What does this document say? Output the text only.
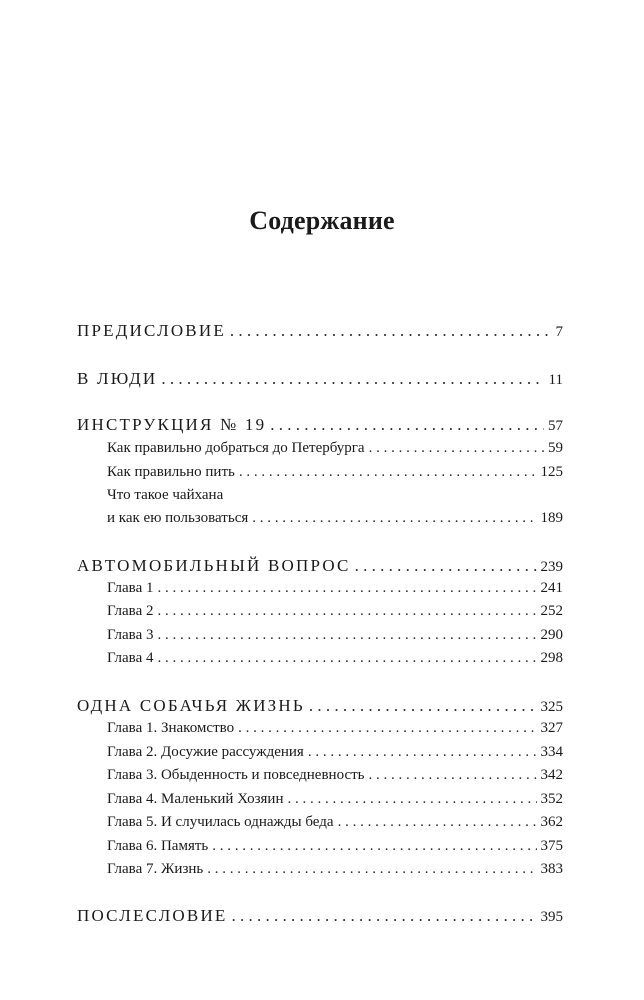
Содержание
ПРЕДИСЛОВИЕ . . .	7
В ЛЮДИ . . .	11
ИНСТРУКЦИЯ № 19 . . .	57
Как правильно добраться до Петербурга . . .	59
Как правильно пить . . .	125
Что такое чайхана
и как ею пользоваться . . .	189
АВТОМОБИЛЬНЫЙ ВОПРОС . . .	239
Глава 1 . . .	241
Глава 2 . . .	252
Глава 3 . . .	290
Глава 4 . . .	298
ОДНА СОБАЧЬЯ ЖИЗНЬ . . .	325
Глава 1. Знакомство . . .	327
Глава 2. Досужие рассуждения . . .	334
Глава 3. Обыденность и повседневность . . .	342
Глава 4. Маленький Хозяин . . .	352
Глава 5. И случилась однажды беда . . .	362
Глава 6. Память . . .	375
Глава 7. Жизнь . . .	383
ПОСЛЕСЛОВИЕ . . .	395
